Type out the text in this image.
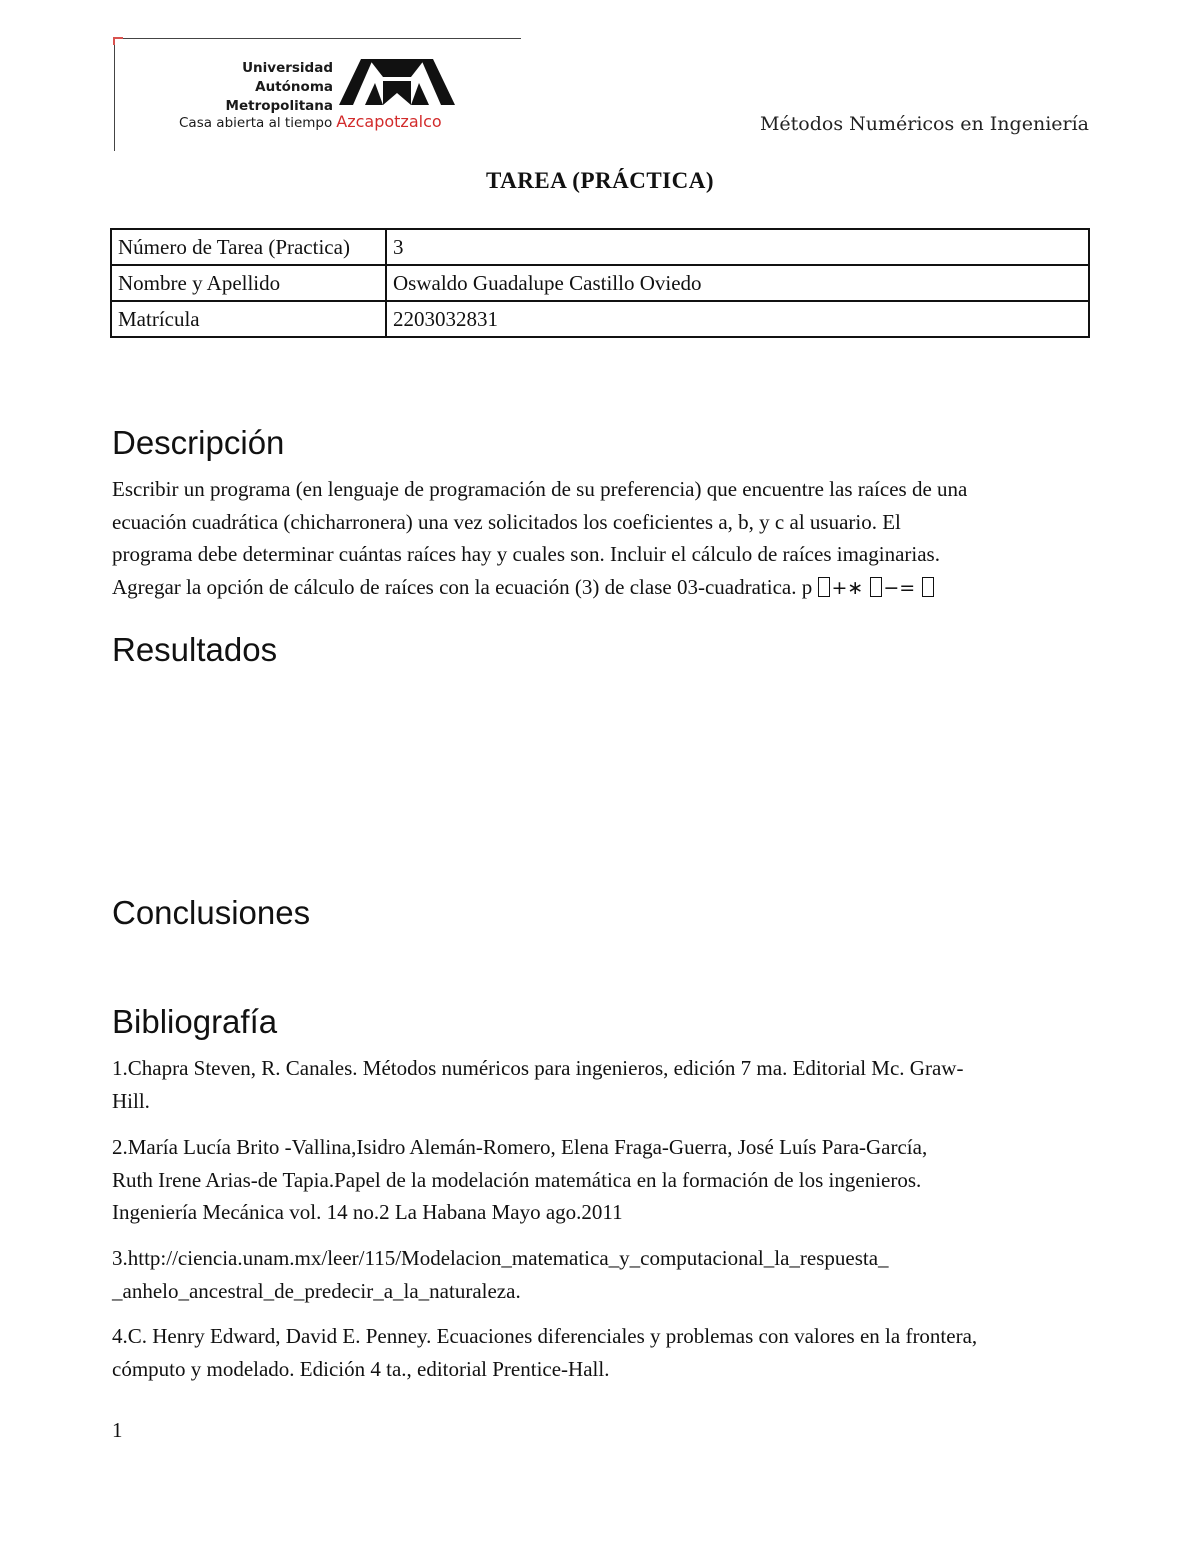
Universidad
Autónoma
Metropolitana
Casa abierta al tiempo Azcapotzalco	Métodos Numéricos en Ingeniería
TAREA (PRÁCTICA)
Número de Tarea (Practica)	3
Nombre y Apellido	Oswaldo Guadalupe Castillo Oviedo
Matrícula	2203032831
Descripción
Escribir un programa (en lenguaje de programación de su preferencia) que encuentre las raíces de una
ecuación cuadrática (chicharronera) una vez solicitados los coeficientes a, b, y c al usuario. El
programa debe determinar cuántas raíces hay y cuales son. Incluir el cálculo de raíces imaginarias.
Agregar la opción de cálculo de raíces con la ecuación (3) de clase 03-cuadratica. p +∗ −=
Resultados
Conclusiones
Bibliografía
1.Chapra Steven, R. Canales. Métodos numéricos para ingenieros, edición 7 ma. Editorial Mc. Graw-
Hill.
2.María Lucía Brito -Vallina,Isidro Alemán-Romero, Elena Fraga-Guerra, José Luís Para-García,
Ruth Irene Arias-de Tapia.Papel de la modelación matemática en la formación de los ingenieros.
Ingeniería Mecánica vol. 14 no.2 La Habana Mayo ago.2011
3.http://ciencia.unam.mx/leer/115/Modelacion_matematica_y_computacional_la_respuesta_
_anhelo_ancestral_de_predecir_a_la_naturaleza.
4.C. Henry Edward, David E. Penney. Ecuaciones diferenciales y problemas con valores en la frontera,
cómputo y modelado. Edición 4 ta., editorial Prentice-Hall.
1
